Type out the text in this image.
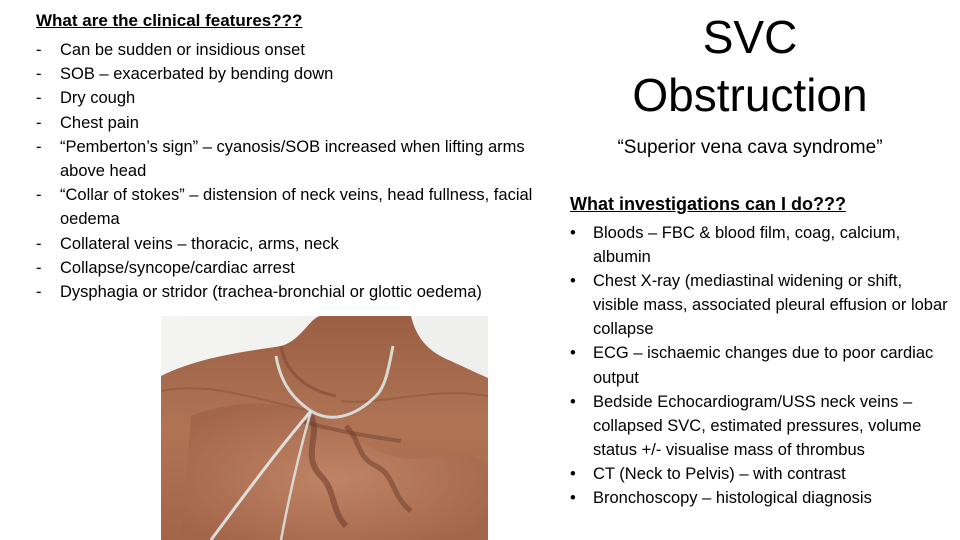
What are the clinical features???
- Can be sudden or insidious onset
- SOB – exacerbated by bending down
- Dry cough
- Chest pain
- “Pemberton’s sign” – cyanosis/SOB increased when lifting arms above head
- “Collar of stokes” – distension of neck veins, head fullness, facial oedema
- Collateral veins – thoracic, arms, neck
- Collapse/syncope/cardiac arrest
- Dysphagia or stridor (trachea-bronchial or glottic oedema)
SVC Obstruction
“Superior vena cava syndrome”
What investigations can I do???
• Bloods – FBC & blood film, coag, calcium, albumin
• Chest X-ray (mediastinal widening or shift, visible mass, associated pleural effusion or lobar collapse
• ECG – ischaemic changes due to poor cardiac output
• Bedside Echocardiogram/USS neck veins – collapsed SVC, estimated pressures, volume status +/- visualise mass of thrombus
• CT (Neck to Pelvis) – with contrast
• Bronchoscopy – histological diagnosis
